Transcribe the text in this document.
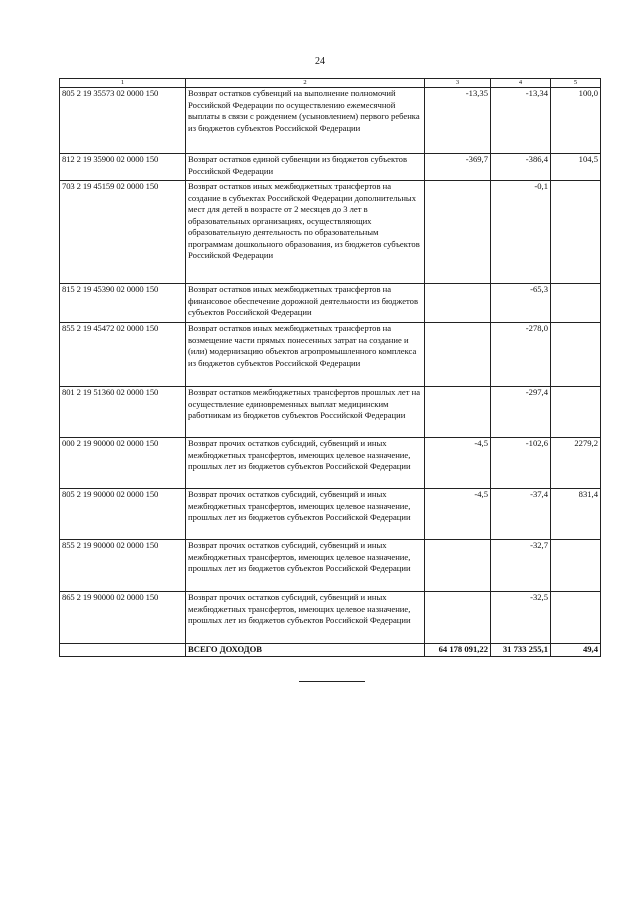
24
1	2	3	4	5
805 2 19 35573 02 0000 150	Возврат остатков субвенций на выполнение полномочий Российской Федерации по осуществлению ежемесячной выплаты в связи с рождением (усыновлением) первого ребенка из бюджетов субъектов Российской Федерации	-13,35	-13,34	100,0
812 2 19 35900 02 0000 150	Возврат остатков единой субвенции из бюджетов субъектов Российской Федерации	-369,7	-386,4	104,5
703 2 19 45159 02 0000 150	Возврат остатков иных межбюджетных трансфертов на создание в субъектах Российской Федерации дополнительных мест для детей в возрасте от 2 месяцев до 3 лет в образовательных организациях, осуществляющих образовательную деятельность по образовательным программам дошкольного образования, из бюджетов субъектов Российской Федерации		-0,1	
815 2 19 45390 02 0000 150	Возврат остатков иных межбюджетных трансфертов на финансовое обеспечение дорожной деятельности из бюджетов субъектов Российской Федерации		-65,3	
855 2 19 45472 02 0000 150	Возврат остатков иных межбюджетных трансфертов на возмещение части прямых понесенных затрат на создание и (или) модернизацию объектов агропромышленного комплекса из бюджетов субъектов Российской Федерации		-278,0	
801 2 19 51360 02 0000 150	Возврат остатков межбюджетных трансфертов прошлых лет на осуществление единовременных выплат медицинским работникам из бюджетов субъектов Российской Федерации		-297,4	
000 2 19 90000 02 0000 150	Возврат прочих остатков субсидий, субвенций и иных межбюджетных трансфертов, имеющих целевое назначение, прошлых лет из бюджетов субъектов Российской Федерации	-4,5	-102,6	2279,2
805 2 19 90000 02 0000 150	Возврат прочих остатков субсидий, субвенций и иных межбюджетных трансфертов, имеющих целевое назначение, прошлых лет из бюджетов субъектов Российской Федерации	-4,5	-37,4	831,4
855 2 19 90000 02 0000 150	Возврат прочих остатков субсидий, субвенций и иных межбюджетных трансфертов, имеющих целевое назначение, прошлых лет из бюджетов субъектов Российской Федерации		-32,7	
865 2 19 90000 02 0000 150	Возврат прочих остатков субсидий, субвенций и иных межбюджетных трансфертов, имеющих целевое назначение, прошлых лет из бюджетов субъектов Российской Федерации		-32,5	
	ВСЕГО ДОХОДОВ	64 178 091,22	31 733 255,1	49,4
